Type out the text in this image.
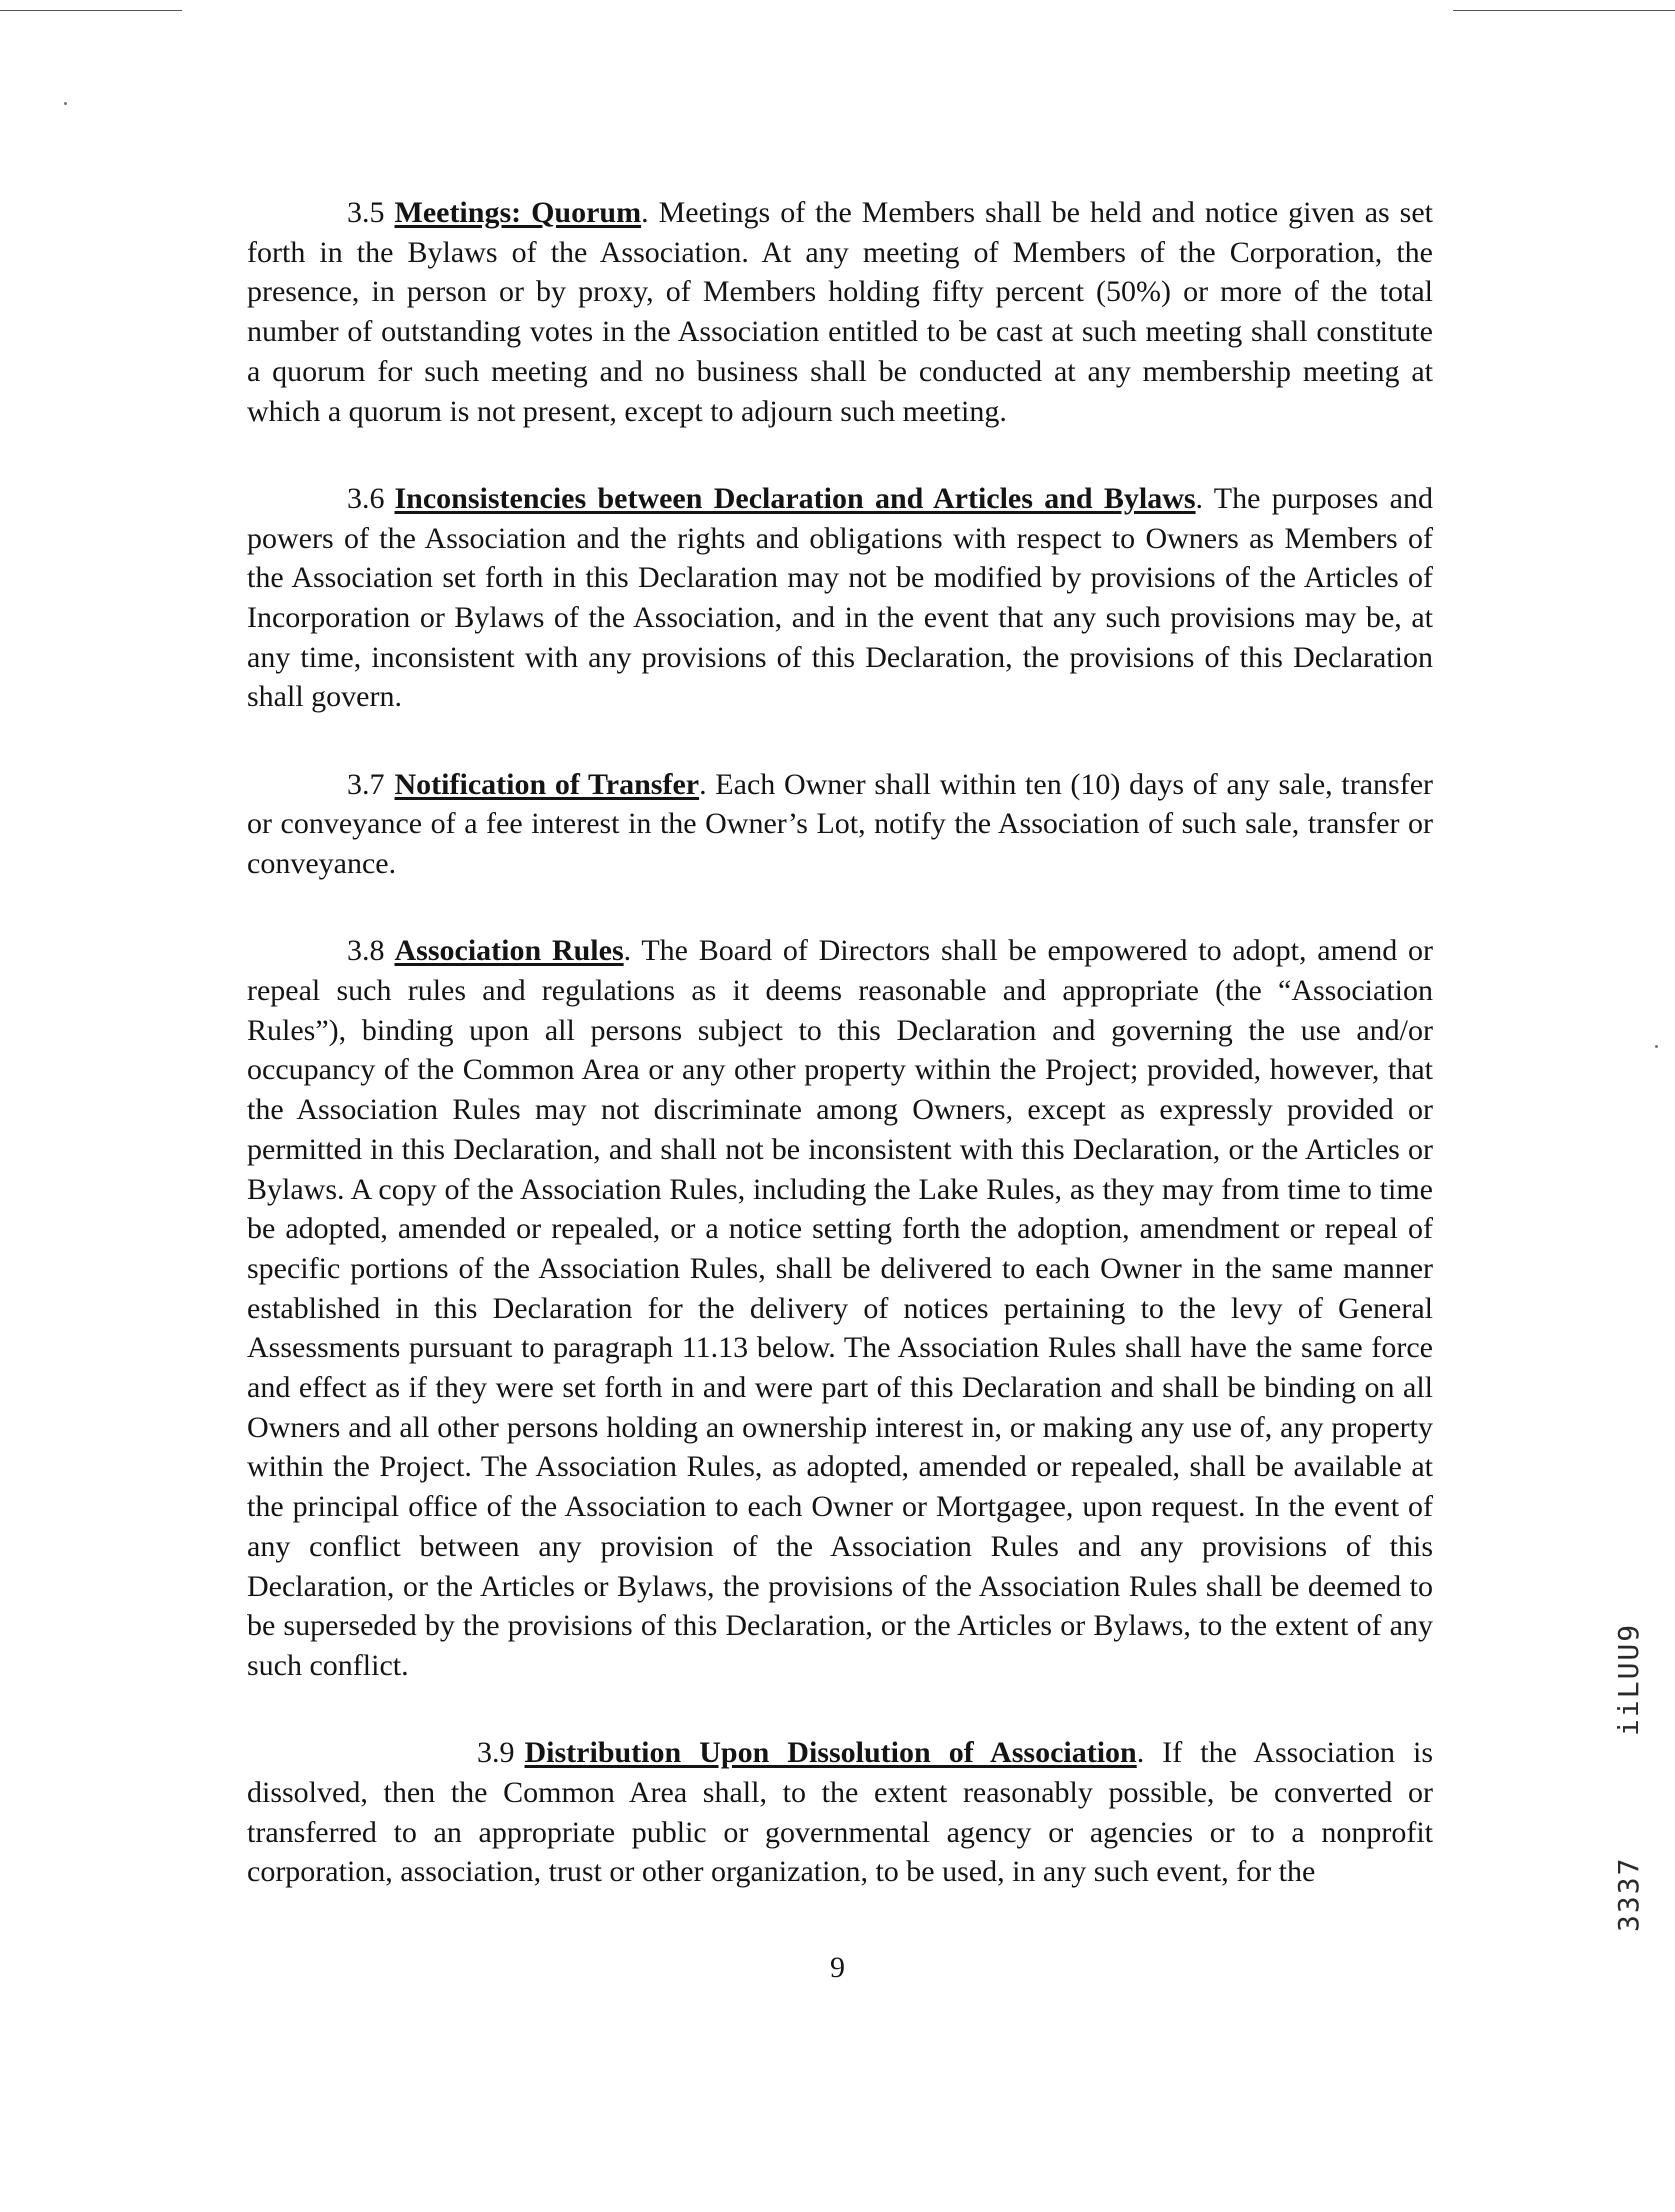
3.5 Meetings: Quorum. Meetings of the Members shall be held and notice given as set forth in the Bylaws of the Association. At any meeting of Members of the Corporation, the presence, in person or by proxy, of Members holding fifty percent (50%) or more of the total number of outstanding votes in the Association entitled to be cast at such meeting shall constitute a quorum for such meeting and no business shall be conducted at any membership meeting at which a quorum is not present, except to adjourn such meeting.

3.6 Inconsistencies between Declaration and Articles and Bylaws. The purposes and powers of the Association and the rights and obligations with respect to Owners as Members of the Association set forth in this Declaration may not be modified by provisions of the Articles of Incorporation or Bylaws of the Association, and in the event that any such provisions may be, at any time, inconsistent with any provisions of this Declaration, the provisions of this Declaration shall govern.

3.7 Notification of Transfer. Each Owner shall within ten (10) days of any sale, transfer or conveyance of a fee interest in the Owner’s Lot, notify the Association of such sale, transfer or conveyance.

3.8 Association Rules. The Board of Directors shall be empowered to adopt, amend or repeal such rules and regulations as it deems reasonable and appropriate (the “Association Rules”), binding upon all persons subject to this Declaration and governing the use and/or occupancy of the Common Area or any other property within the Project; provided, however, that the Association Rules may not discriminate among Owners, except as expressly provided or permitted in this Declaration, and shall not be inconsistent with this Declaration, or the Articles or Bylaws. A copy of the Association Rules, including the Lake Rules, as they may from time to time be adopted, amended or repealed, or a notice setting forth the adoption, amendment or repeal of specific portions of the Association Rules, shall be delivered to each Owner in the same manner established in this Declaration for the delivery of notices pertaining to the levy of General Assessments pursuant to paragraph 11.13 below. The Association Rules shall have the same force and effect as if they were set forth in and were part of this Declaration and shall be binding on all Owners and all other persons holding an ownership interest in, or making any use of, any property within the Project. The Association Rules, as adopted, amended or repealed, shall be available at the principal office of the Association to each Owner or Mortgagee, upon request. In the event of any conflict between any provision of the Association Rules and any provisions of this Declaration, or the Articles or Bylaws, the provisions of the Association Rules shall be deemed to be superseded by the provisions of this Declaration, or the Articles or Bylaws, to the extent of any such conflict.

3.9 Distribution Upon Dissolution of Association. If the Association is dissolved, then the Common Area shall, to the extent reasonably possible, be converted or transferred to an appropriate public or governmental agency or agencies or to a nonprofit corporation, association, trust or other organization, to be used, in any such event, for the

9
iiLUU9
3337
